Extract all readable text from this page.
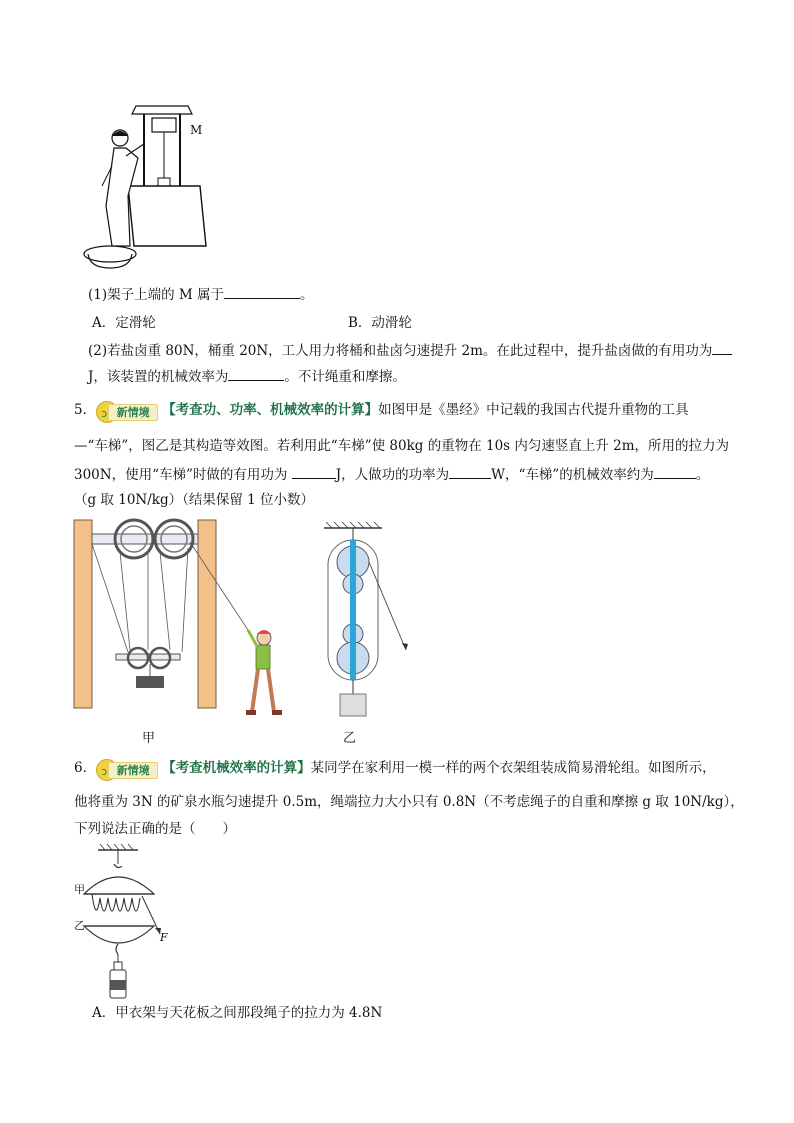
M
(1)架子上端的 M 属于	。
A．定滑轮	B．动滑轮
(2)若盐卤重 80N，桶重 20N，工人用力将桶和盐卤匀速提升 2m。在此过程中，提升盐卤做的有用功为
J，该装置的机械效率为	。不计绳重和摩擦。
5． ↄ 新情境 【考查功、功率、机械效率的计算】如图甲是《墨经》中记载的我国古代提升重物的工具
—“车梯”，图乙是其构造等效图。若利用此“车梯”使 80kg 的重物在 10s 内匀速竖直上升 2m，所用的拉力为
300N，使用“车梯”时做的有用功为	J，人做功的功率为	W，“车梯”的机械效率约为	。
（g 取 10N/kg）（结果保留 1 位小数）
甲	乙
6． ↄ 新情境 【考查机械效率的计算】某同学在家利用一模一样的两个衣架组装成简易滑轮组。如图所示，
他将重为 3N 的矿泉水瓶匀速提升 0.5m，绳端拉力大小只有 0.8N（不考虑绳子的自重和摩擦 g 取 10N/kg），
下列说法正确的是（　　）
甲
乙
F
A．甲衣架与天花板之间那段绳子的拉力为 4.8N
